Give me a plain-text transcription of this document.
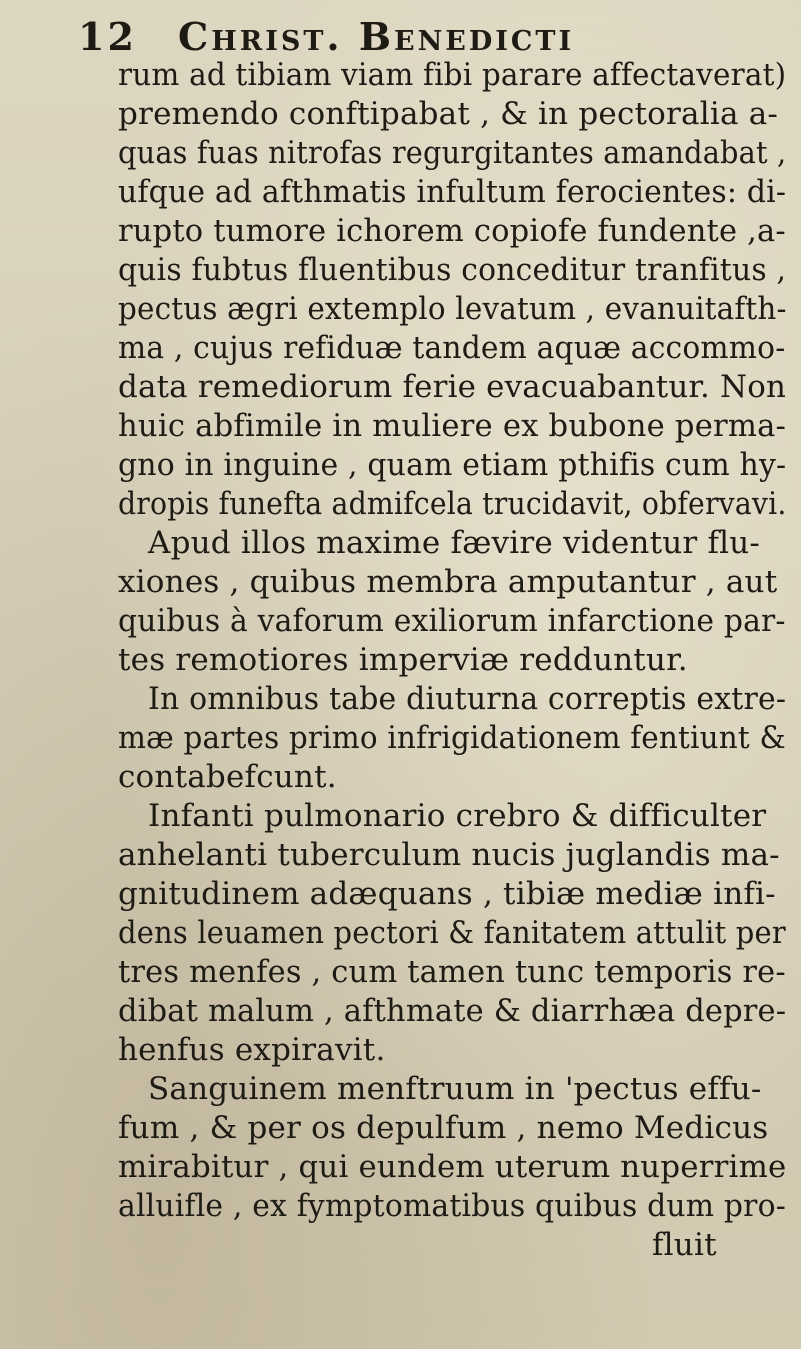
12 Christ. Benedicti
rum ad tibiam viam fibi parare affectaverat)
premendo conftipabat , & in pectoralia a-
quas fuas nitrofas regurgitantes amandabat ,
ufque ad afthmatis infultum ferocientes: di-
rupto tumore ichorem copiofe fundente ,a-
quis fubtus fluentibus conceditur tranfitus ,
pectus ægri extemplo levatum , evanuitafth-
ma , cujus refiduæ tandem aquæ accommo-
data remediorum ferie evacuabantur. Non
huic abfimile in muliere ex bubone perma-
gno in inguine , quam etiam pthifis cum hy-
dropis funefta admifcela trucidavit, obfervavi.
Apud illos maxime fævire videntur flu-
xiones , quibus membra amputantur , aut
quibus à vaforum exiliorum infarctione par-
tes remotiores imperviæ redduntur.
In omnibus tabe diuturna correptis extre-
mæ partes primo infrigidationem fentiunt &
contabefcunt.
Infanti pulmonario crebro & difficulter
anhelanti tuberculum nucis juglandis ma-
gnitudinem adæquans , tibiæ mediæ infi-
dens leuamen pectori & fanitatem attulit per
tres menfes , cum tamen tunc temporis re-
dibat malum , afthmate & diarrhæa depre-
henfus expiravit.
Sanguinem menftruum in 'pectus effu-
fum , & per os depulfum , nemo Medicus
mirabitur , qui eundem uterum nuperrime
alluifle , ex fymptomatibus quibus dum pro-
fluit
